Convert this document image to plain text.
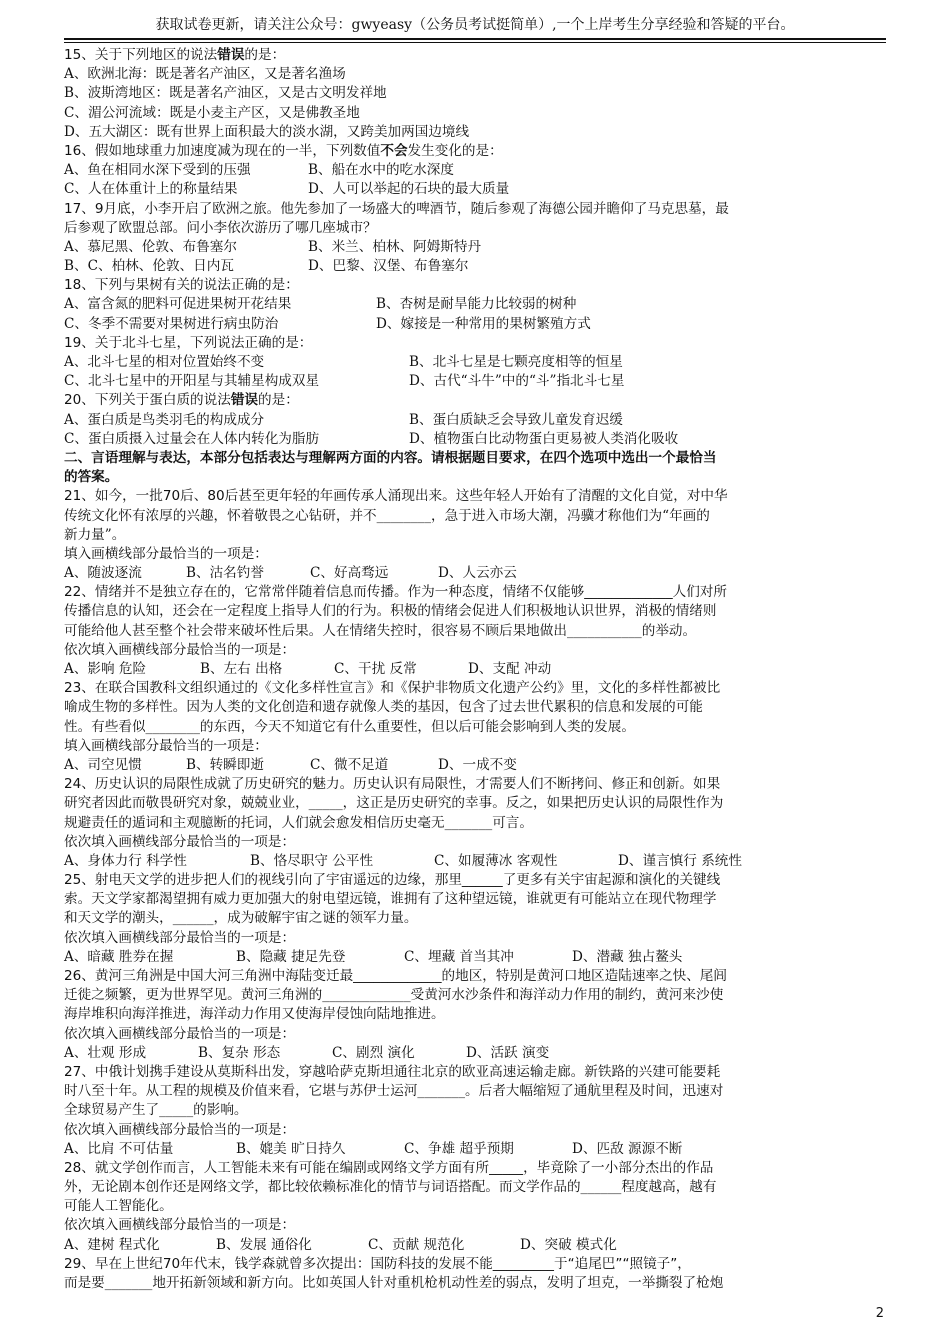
获取试卷更新，请关注公众号：gwyeasy（公务员考试挺简单）,一个上岸考生分享经验和答疑的平台。
15、关于下列地区的说法错误的是：
A、欧洲北海：既是著名产油区，又是著名渔场
B、波斯湾地区：既是著名产油区，又是古文明发祥地
C、湄公河流域：既是小麦主产区，又是佛教圣地
D、五大湖区：既有世界上面积最大的淡水湖，又跨美加两国边境线
16、假如地球重力加速度减为现在的一半，下列数值不会发生变化的是：
A、鱼在相同水深下受到的压强	B、船在水中的吃水深度
C、人在体重计上的称量结果	D、人可以举起的石块的最大质量
17、9月底，小李开启了欧洲之旅。他先参加了一场盛大的啤酒节，随后参观了海德公园并瞻仰了马克思墓，最
后参观了欧盟总部。问小李依次游历了哪几座城市？
A、慕尼黑、伦敦、布鲁塞尔	B、米兰、柏林、阿姆斯特丹
B、C、柏林、伦敦、日内瓦	D、巴黎、汉堡、布鲁塞尔
18、下列与果树有关的说法正确的是：
A、富含氮的肥料可促进果树开花结果	B、杏树是耐旱能力比较弱的树种
C、冬季不需要对果树进行病虫防治	D、嫁接是一种常用的果树繁殖方式
19、关于北斗七星，下列说法正确的是：
A、北斗七星的相对位置始终不变	B、北斗七星是七颗亮度相等的恒星
C、北斗七星中的开阳星与其辅星构成双星	D、古代“斗牛”中的“斗”指北斗七星
20、下列关于蛋白质的说法错误的是：
A、蛋白质是鸟类羽毛的构成成分	B、蛋白质缺乏会导致儿童发育迟缓
C、蛋白质摄入过量会在人体内转化为脂肪	D、植物蛋白比动物蛋白更易被人类消化吸收
二、言语理解与表达，本部分包括表达与理解两方面的内容。请根据题目要求，在四个选项中选出一个最恰当
的答案。
21、如今，一批70后、80后甚至更年轻的年画传承人涌现出来。这些年轻人开始有了清醒的文化自觉，对中华
传统文化怀有浓厚的兴趣，怀着敬畏之心钻研，并不________，急于进入市场大潮，冯骥才称他们为“年画的
新力量”。
填入画横线部分最恰当的一项是：
A、随波逐流	B、沽名钓誉	C、好高骛远	D、人云亦云
22、情绪并不是独立存在的，它常常伴随着信息而传播。作为一种态度，情绪不仅能够_____________人们对所
传播信息的认知，还会在一定程度上指导人们的行为。积极的情绪会促进人们积极地认识世界，消极的情绪则
可能给他人甚至整个社会带来破坏性后果。人在情绪失控时，很容易不顾后果地做出___________的举动。
依次填入画横线部分最恰当的一项是：
A、影响 危险	B、左右 出格	C、干扰 反常	D、支配 冲动
23、在联合国教科文组织通过的《文化多样性宣言》和《保护非物质文化遗产公约》里，文化的多样性都被比
喻成生物的多样性。因为人类的文化创造和遗存就像人类的基因，包含了过去世代累积的信息和发展的可能
性。有些看似________的东西，今天不知道它有什么重要性，但以后可能会影响到人类的发展。
填入画横线部分最恰当的一项是：
A、司空见惯	B、转瞬即逝	C、微不足道	D、一成不变
24、历史认识的局限性成就了历史研究的魅力。历史认识有局限性，才需要人们不断拷问、修正和创新。如果
研究者因此而敬畏研究对象，兢兢业业，_____，这正是历史研究的幸事。反之，如果把历史认识的局限性作为
规避责任的遁词和主观臆断的托词，人们就会愈发相信历史毫无_______可言。
依次填入画横线部分最恰当的一项是：
A、身体力行 科学性	B、恪尽职守 公平性	C、如履薄冰 客观性	D、谨言慎行 系统性
25、射电天文学的进步把人们的视线引向了宇宙遥远的边缘，那里______了更多有关宇宙起源和演化的关键线
索。天文学家都渴望拥有威力更加强大的射电望远镜，谁拥有了这种望远镜，谁就更有可能站立在现代物理学
和天文学的潮头，______，成为破解宇宙之谜的领军力量。
依次填入画横线部分最恰当的一项是：
A、暗藏 胜券在握	B、隐藏 捷足先登	C、埋藏 首当其冲	D、潜藏 独占鳌头
26、黄河三角洲是中国大河三角洲中海陆变迁最_____________的地区，特别是黄河口地区造陆速率之快、尾闾
迁徙之频繁，更为世界罕见。黄河三角洲的_____________受黄河水沙条件和海洋动力作用的制约，黄河来沙使
海岸堆积向海洋推进，海洋动力作用又使海岸侵蚀向陆地推进。
依次填入画横线部分最恰当的一项是：
A、壮观 形成	B、复杂 形态	C、剧烈 演化	D、活跃 演变
27、中俄计划携手建设从莫斯科出发，穿越哈萨克斯坦通往北京的欧亚高速运输走廊。新铁路的兴建可能要耗
时八至十年。从工程的规模及价值来看，它堪与苏伊士运河_______。后者大幅缩短了通航里程及时间，迅速对
全球贸易产生了_____的影响。
依次填入画横线部分最恰当的一项是：
A、比肩 不可估量	B、媲美 旷日持久	C、争雄 超乎预期	D、匹敌 源源不断
28、就文学创作而言，人工智能未来有可能在编剧或网络文学方面有所_____，毕竟除了一小部分杰出的作品
外，无论剧本创作还是网络文学，都比较依赖标准化的情节与词语搭配。而文学作品的______程度越高，越有
可能人工智能化。
依次填入画横线部分最恰当的一项是：
A、建树 程式化	B、发展 通俗化	C、贡献 规范化	D、突破 模式化
29、早在上世纪70年代末，钱学森就曾多次提出：国防科技的发展不能_________于“追尾巴”“照镜子”，
而是要_______地开拓新领域和新方向。比如英国人针对重机枪机动性差的弱点，发明了坦克，一举撕裂了枪炮
2
